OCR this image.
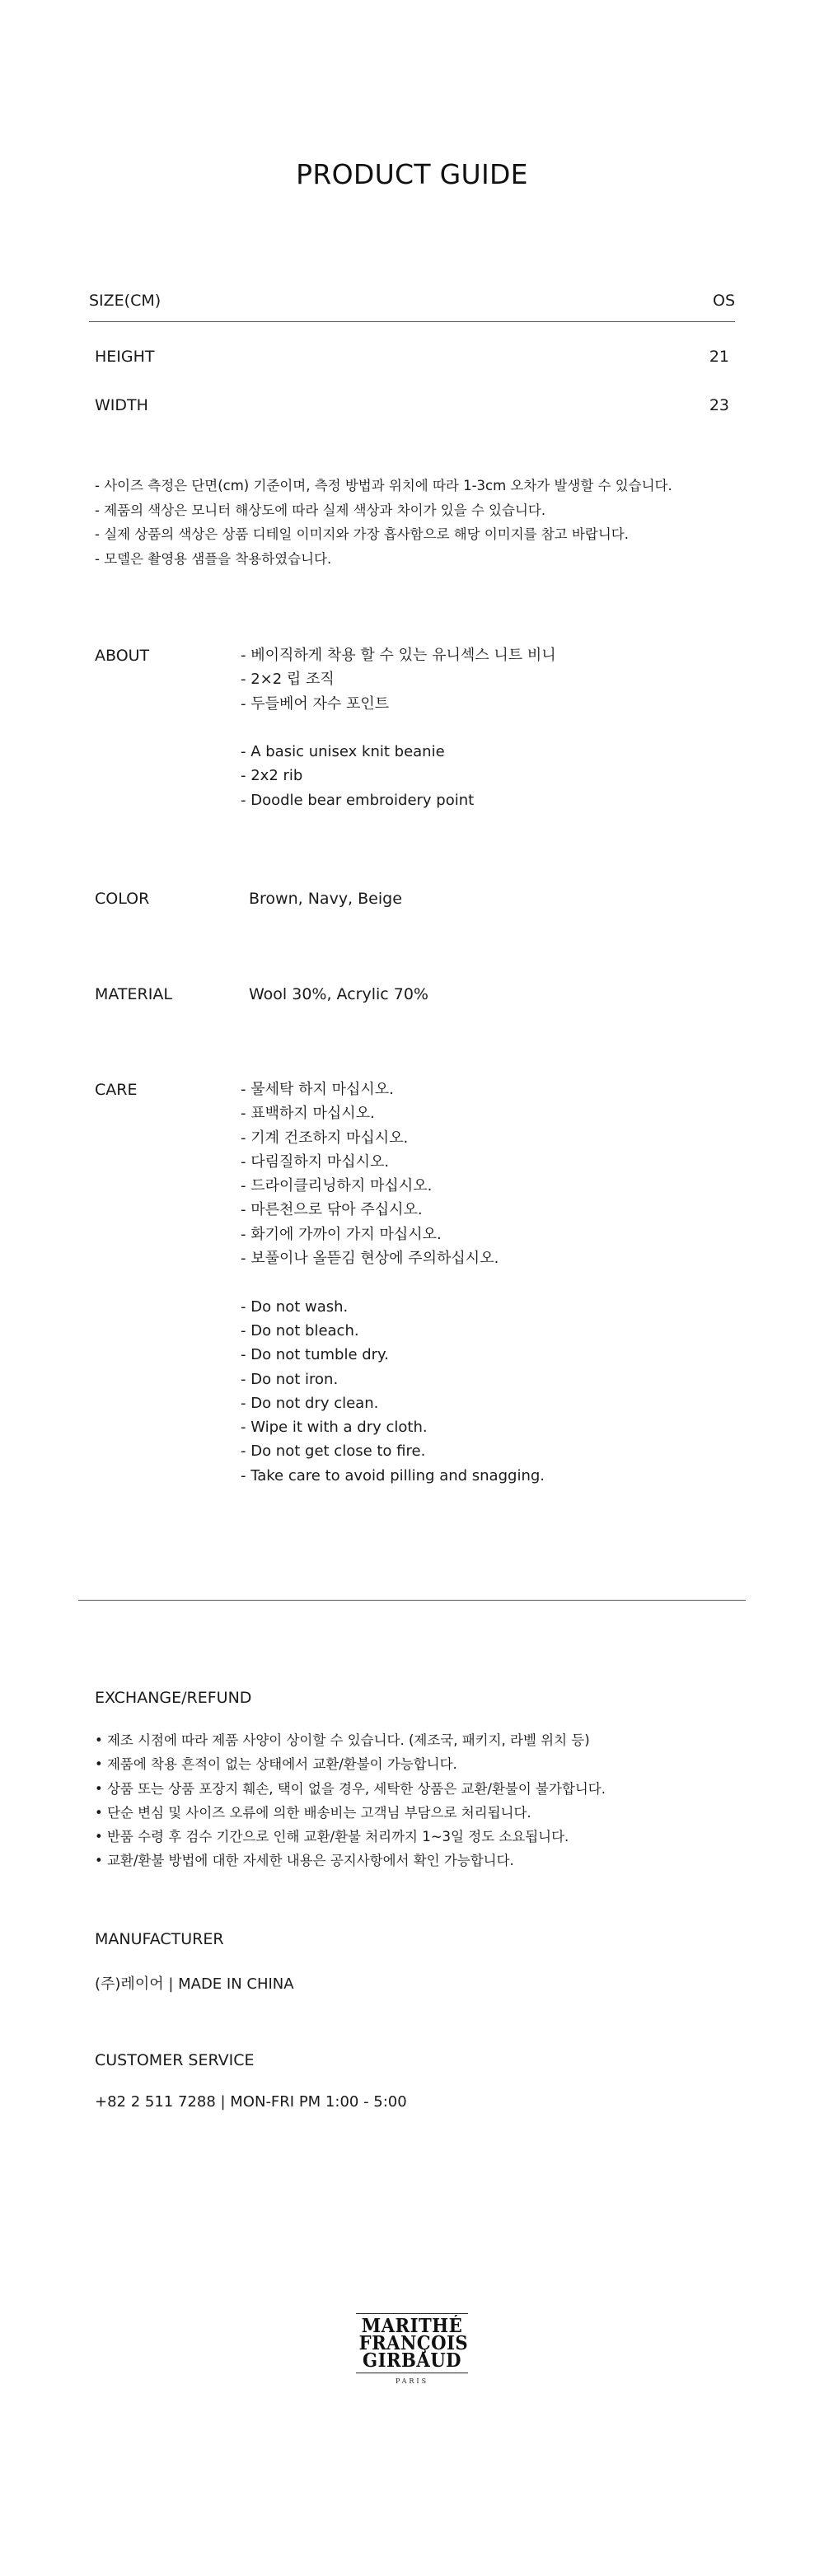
PRODUCT GUIDE
SIZE(CM)	OS
HEIGHT	21
WIDTH	23
- 사이즈 측정은 단면(cm) 기준이며, 측정 방법과 위치에 따라 1-3cm 오차가 발생할 수 있습니다.
- 제품의 색상은 모니터 해상도에 따라 실제 색상과 차이가 있을 수 있습니다.
- 실제 상품의 색상은 상품 디테일 이미지와 가장 흡사함으로 해당 이미지를 참고 바랍니다.
- 모델은 촬영용 샘플을 착용하였습니다.
ABOUT	- 베이직하게 착용 할 수 있는 유니섹스 니트 비니
- 2×2 립 조직
- 두들베어 자수 포인트
- A basic unisex knit beanie
- 2x2 rib
- Doodle bear embroidery point
COLOR	Brown, Navy, Beige
MATERIAL	Wool 30%, Acrylic 70%
CARE	- 물세탁 하지 마십시오.
- 표백하지 마십시오.
- 기계 건조하지 마십시오.
- 다림질하지 마십시오.
- 드라이클리닝하지 마십시오.
- 마른천으로 닦아 주십시오.
- 화기에 가까이 가지 마십시오.
- 보풀이나 올뜯김 현상에 주의하십시오.
- Do not wash.
- Do not bleach.
- Do not tumble dry.
- Do not iron.
- Do not dry clean.
- Wipe it with a dry cloth.
- Do not get close to fire.
- Take care to avoid pilling and snagging.
EXCHANGE/REFUND
• 제조 시점에 따라 제품 사양이 상이할 수 있습니다. (제조국, 패키지, 라벨 위치 등)
• 제품에 착용 흔적이 없는 상태에서 교환/환불이 가능합니다.
• 상품 또는 상품 포장지 훼손, 택이 없을 경우, 세탁한 상품은 교환/환불이 불가합니다.
• 단순 변심 및 사이즈 오류에 의한 배송비는 고객님 부담으로 처리됩니다.
• 반품 수령 후 검수 기간으로 인해 교환/환불 처리까지 1~3일 정도 소요됩니다.
• 교환/환불 방법에 대한 자세한 내용은 공지사항에서 확인 가능합니다.
MANUFACTURER
(주)레이어 | MADE IN CHINA
CUSTOMER SERVICE
+82 2 511 7288 | MON-FRI PM 1:00 - 5:00
MARITHÉ
FRANÇOIS
GIRBAUD
PARIS
